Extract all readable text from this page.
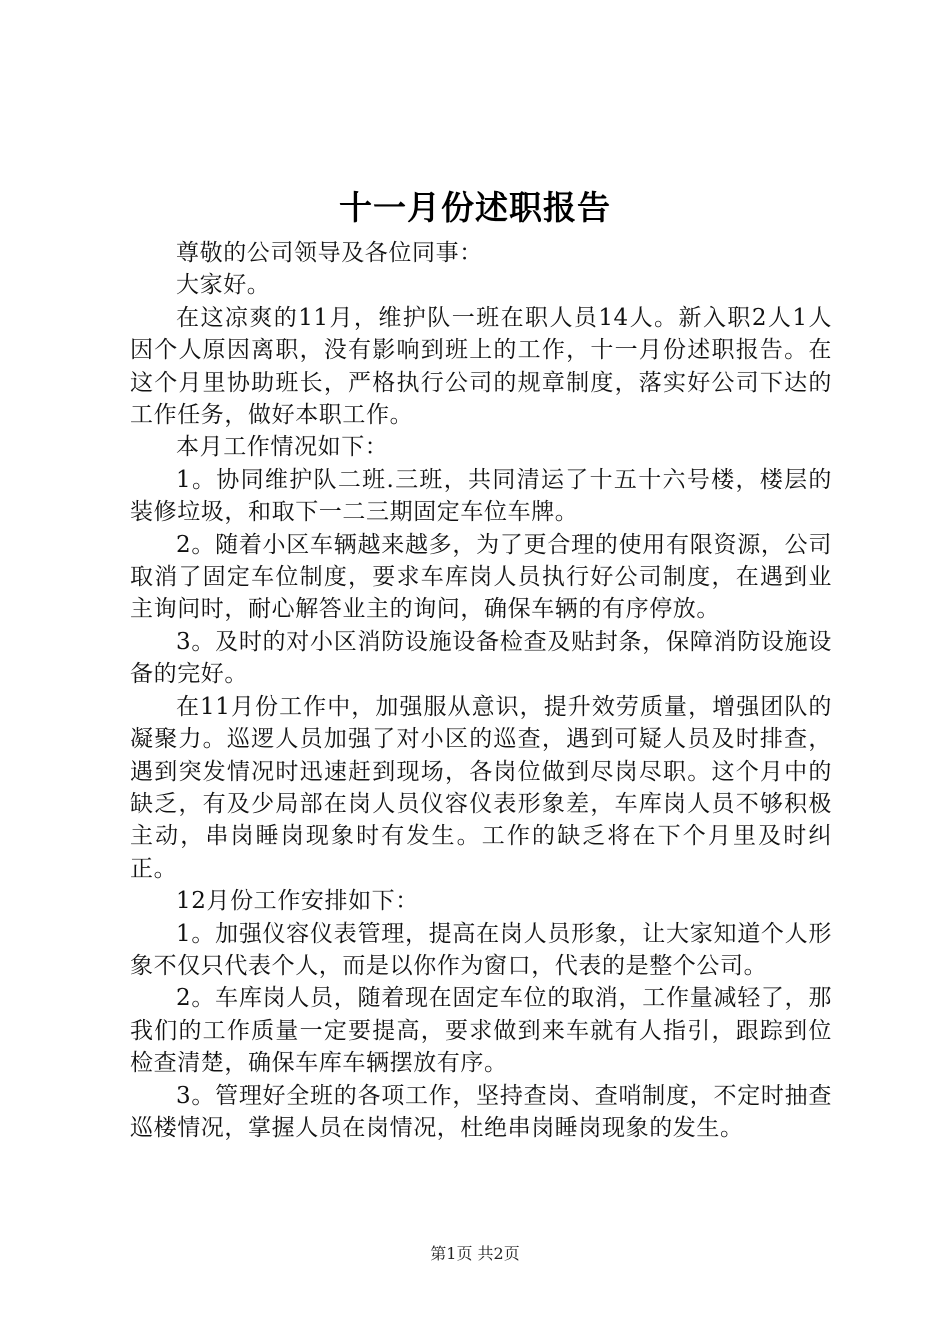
十一月份述职报告

尊敬的公司领导及各位同事：

大家好。

在这凉爽的11月，维护队一班在职人员14人。新入职2人1人因个人原因离职，没有影响到班上的工作，十一月份述职报告。在这个月里协助班长，严格执行公司的规章制度，落实好公司下达的工作任务，做好本职工作。

本月工作情况如下：

1。协同维护队二班.三班，共同清运了十五十六号楼，楼层的装修垃圾，和取下一二三期固定车位车牌。

2。随着小区车辆越来越多，为了更合理的使用有限资源，公司取消了固定车位制度，要求车库岗人员执行好公司制度，在遇到业主询问时，耐心解答业主的询问，确保车辆的有序停放。

3。及时的对小区消防设施设备检查及贴封条，保障消防设施设备的完好。

在11月份工作中，加强服从意识，提升效劳质量，增强团队的凝聚力。巡逻人员加强了对小区的巡查，遇到可疑人员及时排查，遇到突发情况时迅速赶到现场，各岗位做到尽岗尽职。这个月中的缺乏，有及少局部在岗人员仪容仪表形象差，车库岗人员不够积极主动，串岗睡岗现象时有发生。工作的缺乏将在下个月里及时纠正。

12月份工作安排如下：

1。加强仪容仪表管理，提高在岗人员形象，让大家知道个人形象不仅只代表个人，而是以你作为窗口，代表的是整个公司。

2。车库岗人员，随着现在固定车位的取消，工作量减轻了，那我们的工作质量一定要提高，要求做到来车就有人指引，跟踪到位检查清楚，确保车库车辆摆放有序。

3。管理好全班的各项工作，坚持查岗、查哨制度，不定时抽查巡楼情况，掌握人员在岗情况，杜绝串岗睡岗现象的发生。

第1页 共2页
